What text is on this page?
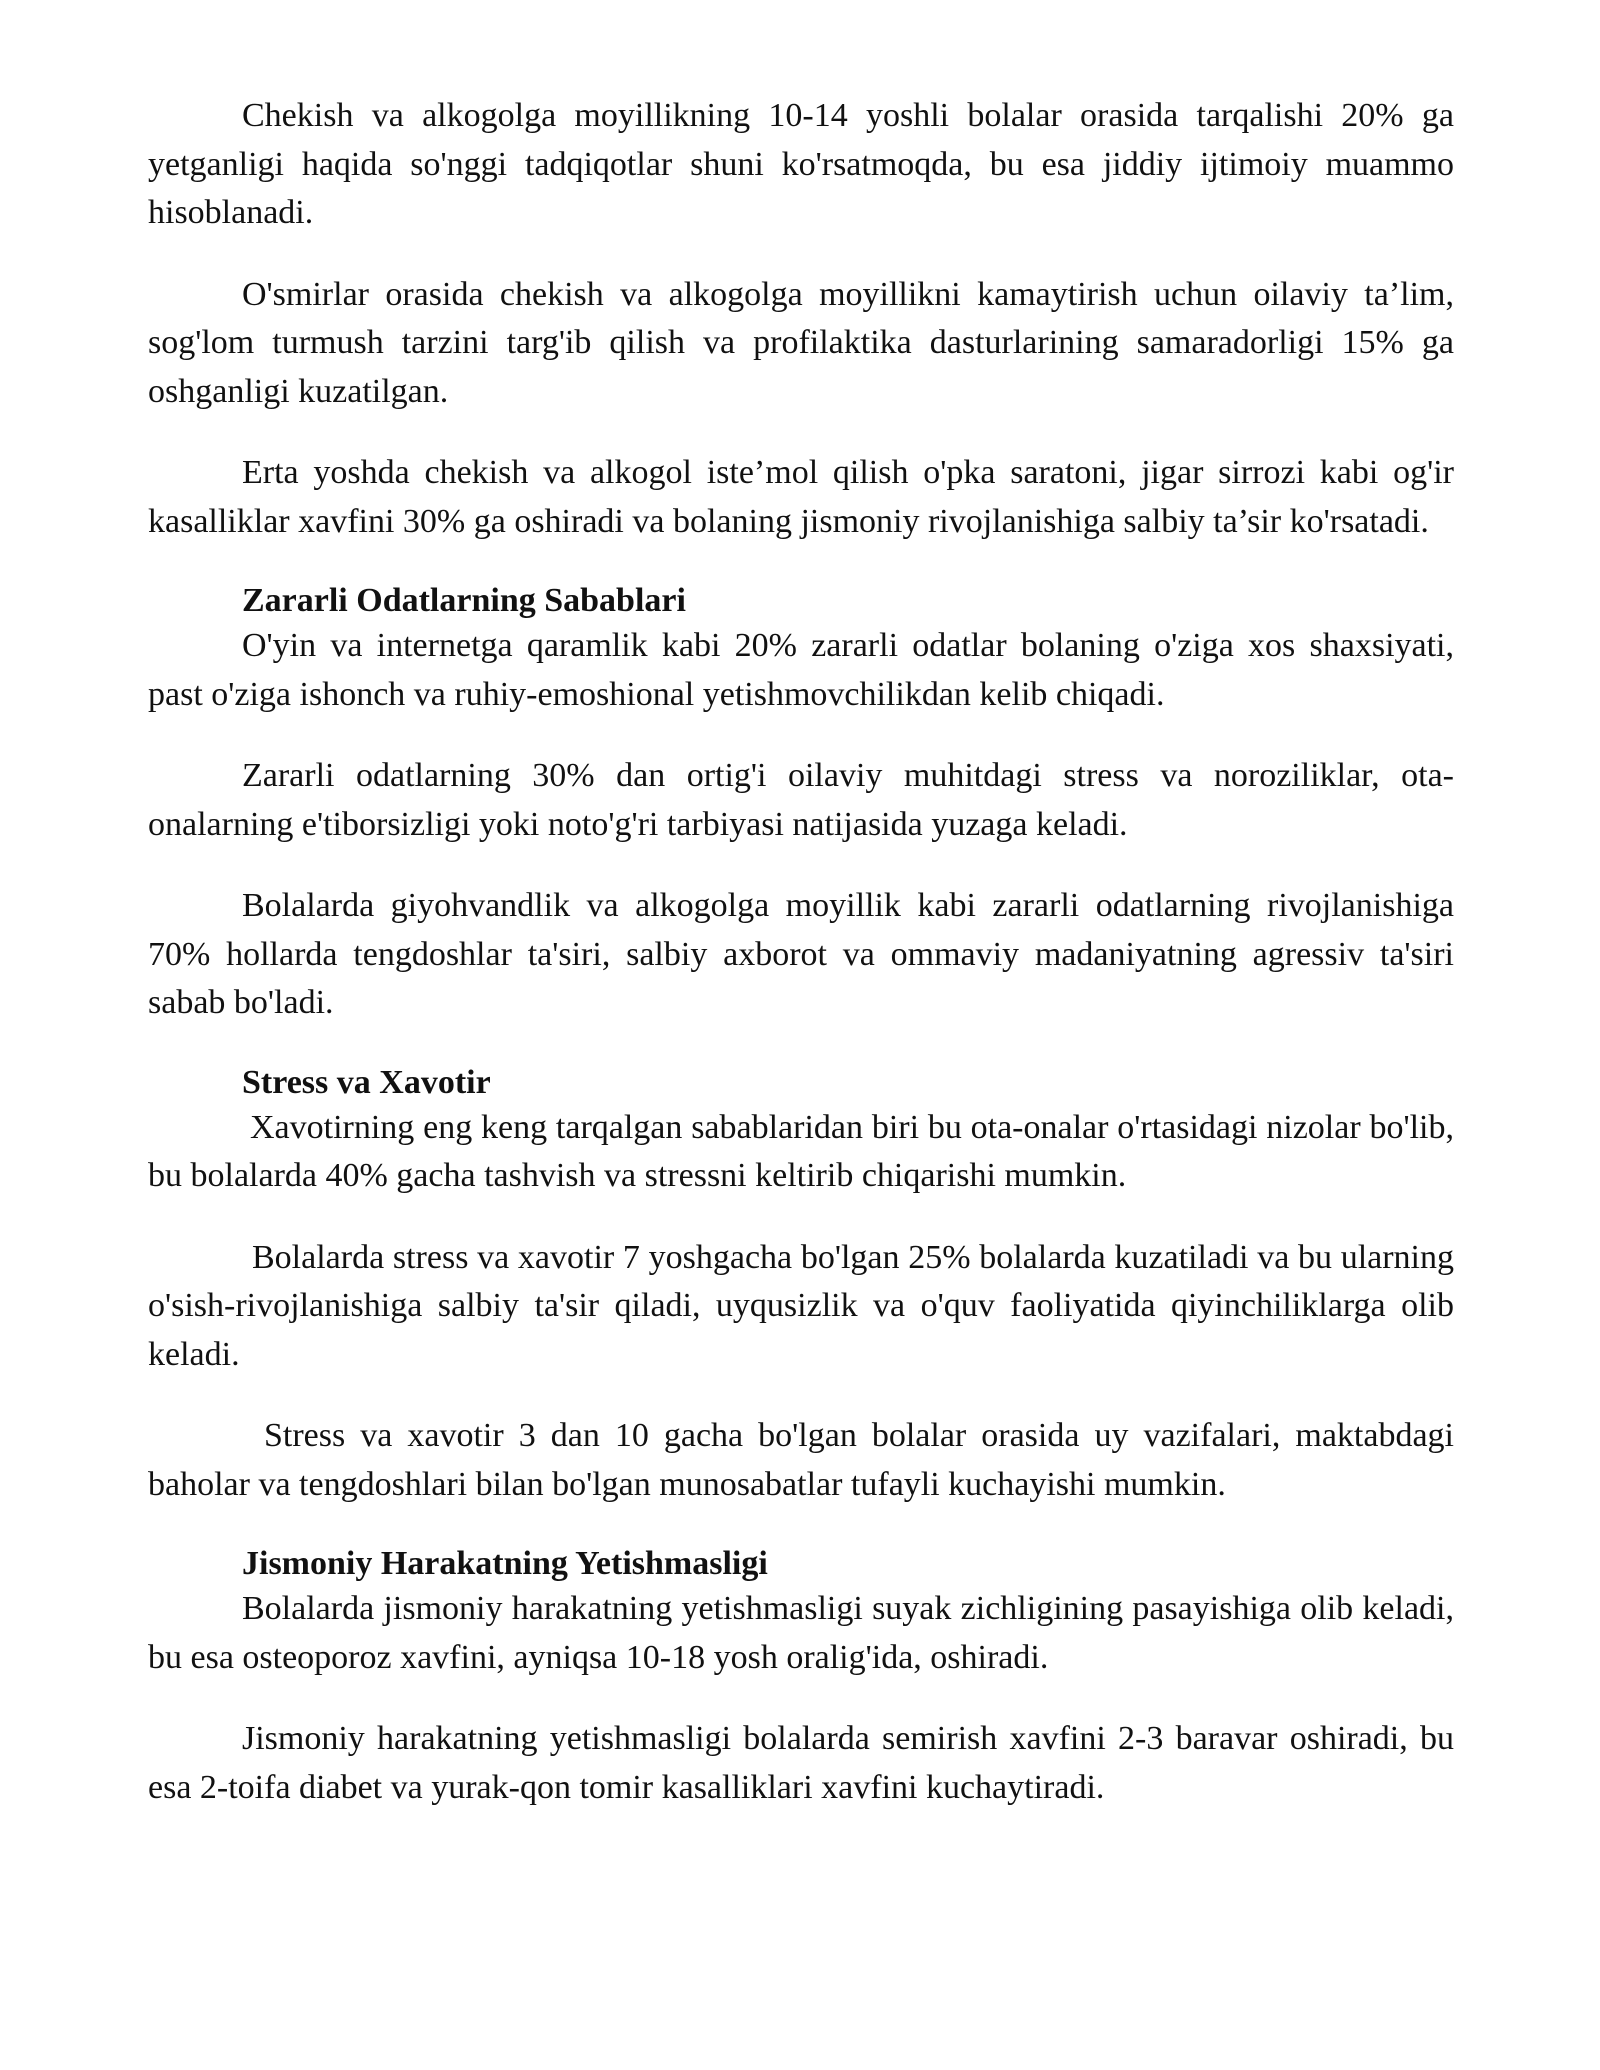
Chekish va alkogolga moyillikning 10-14 yoshli bolalar orasida tarqalishi 20% ga yetganligi haqida so'nggi tadqiqotlar shuni ko'rsatmoqda, bu esa jiddiy ijtimoiy muammo hisoblanadi.

O'smirlar orasida chekish va alkogolga moyillikni kamaytirish uchun oilaviy ta’lim, sog'lom turmush tarzini targ'ib qilish va profilaktika dasturlarining samaradorligi 15% ga oshganligi kuzatilgan.

Erta yoshda chekish va alkogol iste’mol qilish o'pka saratoni, jigar sirrozi kabi og'ir kasalliklar xavfini 30% ga oshiradi va bolaning jismoniy rivojlanishiga salbiy ta’sir ko'rsatadi.

Zararli Odatlarning Sabablari

O'yin va internetga qaramlik kabi 20% zararli odatlar bolaning o'ziga xos shaxsiyati, past o'ziga ishonch va ruhiy-emoshional yetishmovchilikdan kelib chiqadi.

Zararli odatlarning 30% dan ortig'i oilaviy muhitdagi stress va noroziliklar, ota-onalarning e'tiborsizligi yoki noto'g'ri tarbiyasi natijasida yuzaga keladi.

Bolalarda giyohvandlik va alkogolga moyillik kabi zararli odatlarning rivojlanishiga 70% hollarda tengdoshlar ta'siri, salbiy axborot va ommaviy madaniyatning agressiv ta'siri sabab bo'ladi.

Stress va Xavotir

Xavotirning eng keng tarqalgan sabablaridan biri bu ota-onalar o'rtasidagi nizolar bo'lib, bu bolalarda 40% gacha tashvish va stressni keltirib chiqarishi mumkin.

Bolalarda stress va xavotir 7 yoshgacha bo'lgan 25% bolalarda kuzatiladi va bu ularning o'sish-rivojlanishiga salbiy ta'sir qiladi, uyqusizlik va o'quv faoliyatida qiyinchiliklarga olib keladi.

Stress va xavotir 3 dan 10 gacha bo'lgan bolalar orasida uy vazifalari, maktabdagi baholar va tengdoshlari bilan bo'lgan munosabatlar tufayli kuchayishi mumkin.

Jismoniy Harakatning Yetishmasligi

Bolalarda jismoniy harakatning yetishmasligi suyak zichligining pasayishiga olib keladi, bu esa osteoporoz xavfini, ayniqsa 10-18 yosh oralig'ida, oshiradi.

Jismoniy harakatning yetishmasligi bolalarda semirish xavfini 2-3 baravar oshiradi, bu esa 2-toifa diabet va yurak-qon tomir kasalliklari xavfini kuchaytiradi.
